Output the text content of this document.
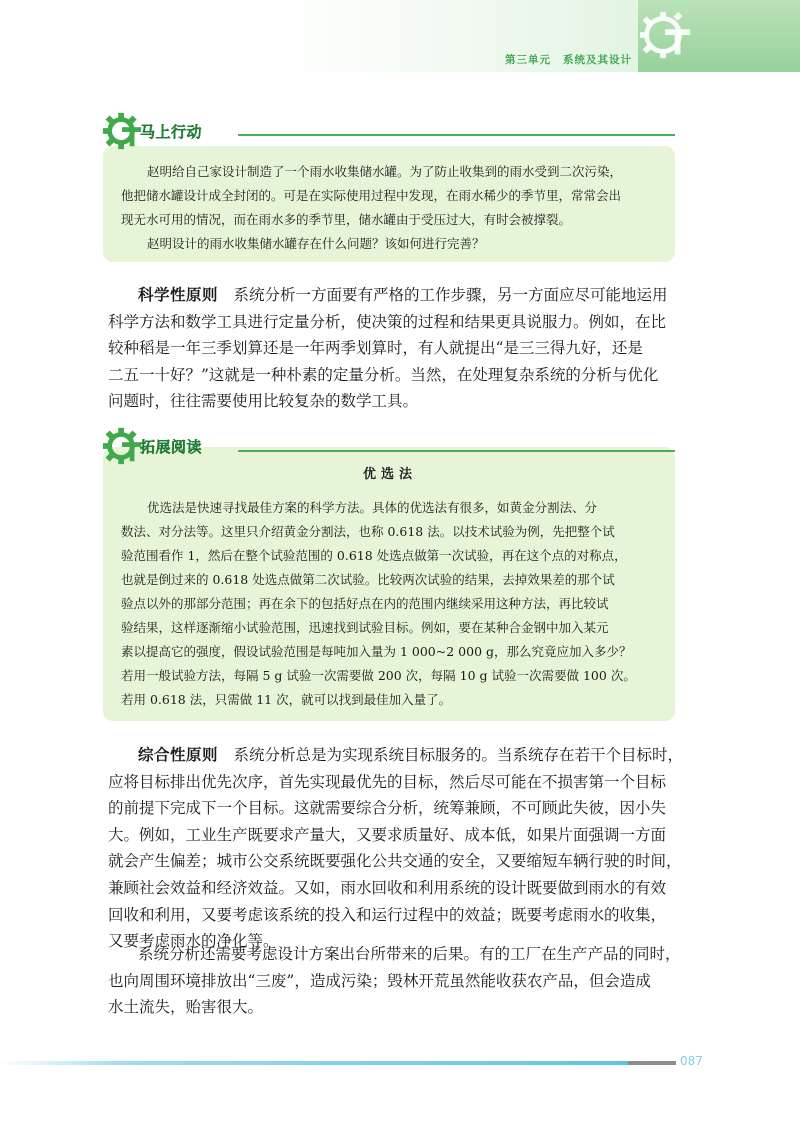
第三单元 系统及其设计
马上行动

赵明给自己家设计制造了一个雨水收集储水罐。为了防止收集到的雨水受到二次污染，

他把储水罐设计成全封闭的。可是在实际使用过程中发现，在雨水稀少的季节里，常常会出

现无水可用的情况，而在雨水多的季节里，储水罐由于受压过大，有时会被撑裂。

赵明设计的雨水收集储水罐存在什么问题？该如何进行完善？

科学性原则　系统分析一方面要有严格的工作步骤，另一方面应尽可能地运用

科学方法和数学工具进行定量分析，使决策的过程和结果更具说服力。例如，在比

较种稻是一年三季划算还是一年两季划算时，有人就提出“是三三得九好，还是

二五一十好？”这就是一种朴素的定量分析。当然，在处理复杂系统的分析与优化

问题时，往往需要使用比较复杂的数学工具。

拓展阅读
优选法

优选法是快速寻找最佳方案的科学方法。具体的优选法有很多，如黄金分割法、分

数法、对分法等。这里只介绍黄金分割法，也称 0.618 法。以技术试验为例，先把整个试

验范围看作 1，然后在整个试验范围的 0.618 处选点做第一次试验，再在这个点的对称点，

也就是倒过来的 0.618 处选点做第二次试验。比较两次试验的结果，去掉效果差的那个试

验点以外的那部分范围；再在余下的包括好点在内的范围内继续采用这种方法，再比较试

验结果，这样逐渐缩小试验范围，迅速找到试验目标。例如，要在某种合金钢中加入某元

素以提高它的强度，假设试验范围是每吨加入量为 1 000~2 000 g，那么究竟应加入多少？

若用一般试验方法，每隔 5 g 试验一次需要做 200 次，每隔 10 g 试验一次需要做 100 次。

若用 0.618 法，只需做 11 次，就可以找到最佳加入量了。

综合性原则　系统分析总是为实现系统目标服务的。当系统存在若干个目标时，

应将目标排出优先次序，首先实现最优先的目标，然后尽可能在不损害第一个目标

的前提下完成下一个目标。这就需要综合分析，统筹兼顾，不可顾此失彼，因小失

大。例如，工业生产既要求产量大，又要求质量好、成本低，如果片面强调一方面

就会产生偏差；城市公交系统既要强化公共交通的安全，又要缩短车辆行驶的时间，

兼顾社会效益和经济效益。又如，雨水回收和利用系统的设计既要做到雨水的有效

回收和利用，又要考虑该系统的投入和运行过程中的效益；既要考虑雨水的收集，

又要考虑雨水的净化等。

系统分析还需要考虑设计方案出台所带来的后果。有的工厂在生产产品的同时，

也向周围环境排放出“三废”，造成污染；毁林开荒虽然能收获农产品，但会造成

水土流失，贻害很大。

087
